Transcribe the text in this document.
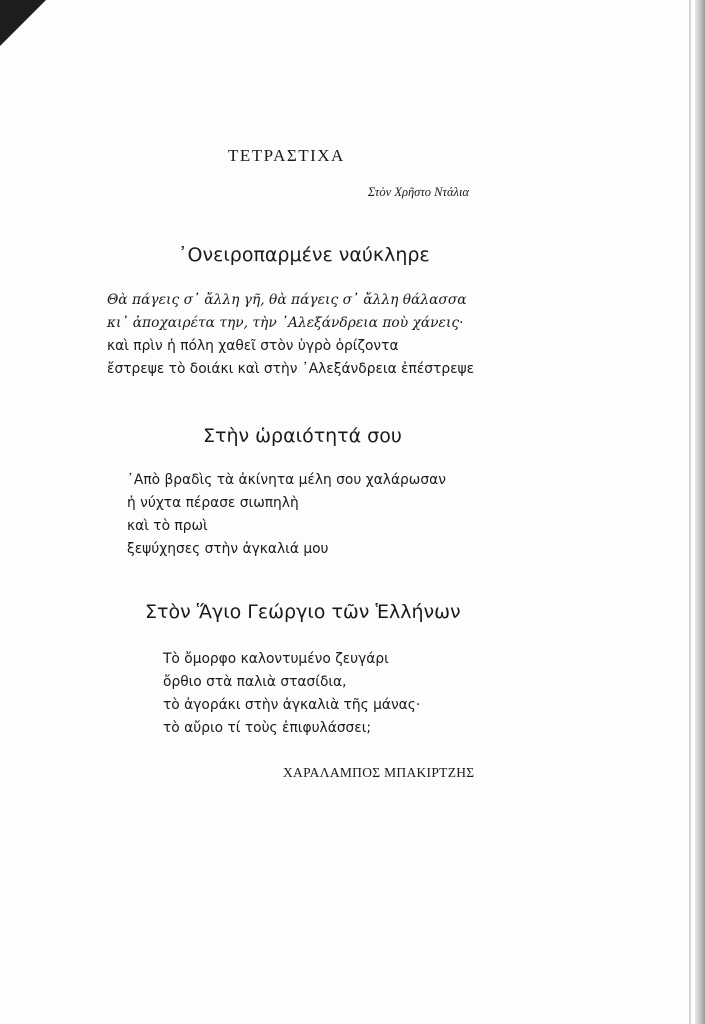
ΤΕΤΡΑΣΤΙΧΑ
Στὸν Χρῆστο Ντάλια
᾽Ονειροπαρμένε ναύκληρε
Θὰ πάγεις σ᾽ ἄλλη γῆ, θὰ πάγεις σ᾽ ἄλλη θάλασσα
κι᾽ ἀποχαιρέτα την, τὴν ᾽Αλεξάνδρεια ποὺ χάνεις·
καὶ πρὶν ἡ πόλη χαθεῖ στὸν ὑγρὸ ὁρίζοντα
ἔστρεψε τὸ δοιάκι καὶ στὴν ᾽Αλεξάνδρεια ἐπέστρεψε
Στὴν ὡραιότητά σου
᾽Απὸ βραδὶς τὰ ἀκίνητα μέλη σου χαλάρωσαν
ἡ νύχτα πέρασε σιωπηλὴ
καὶ τὸ πρωὶ
ξεψύχησες στὴν ἀγκαλιά μου
Στὸν Ἅγιο Γεώργιο τῶν Ἑλλήνων
Τὸ ὄμορφο καλοντυμένο ζευγάρι
ὄρθιο στὰ παλιὰ στασίδια,
τὸ ἀγοράκι στὴν ἀγκαλιὰ τῆς μάνας·
τὸ αὔριο τί τοὺς ἐπιφυλάσσει;
ΧΑΡΑΛΑΜΠΟΣ ΜΠΑΚΙΡΤΖΗΣ
